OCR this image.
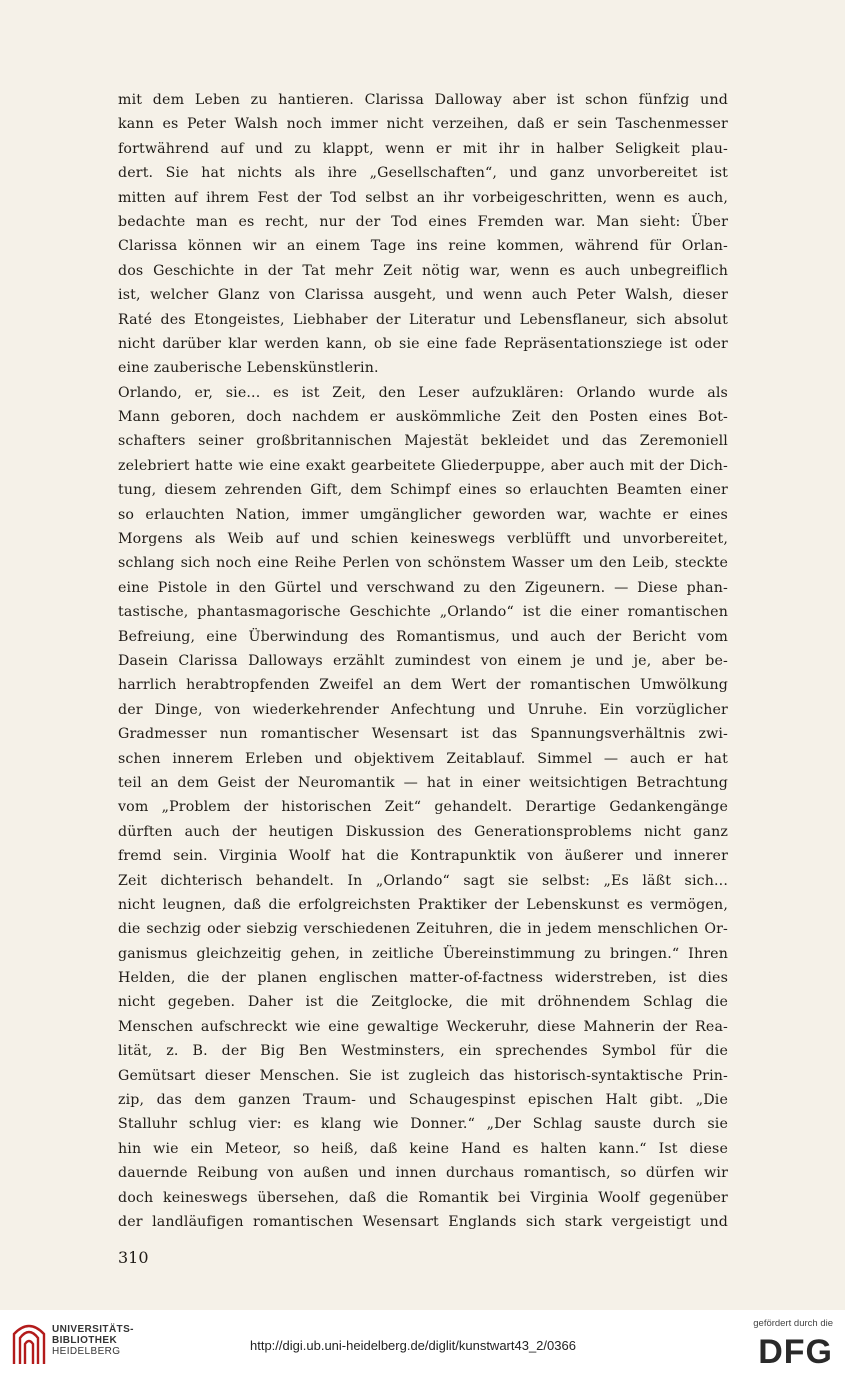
mit dem Leben zu hantieren. Clarissa Dalloway aber ist schon fünfzig und
kann es Peter Walsh noch immer nicht verzeihen, daß er sein Taschenmesser
fortwährend auf und zu klappt, wenn er mit ihr in halber Seligkeit plau-
dert. Sie hat nichts als ihre „Gesellschaften“, und ganz unvorbereitet ist
mitten auf ihrem Fest der Tod selbst an ihr vorbeigeschritten, wenn es auch,
bedachte man es recht, nur der Tod eines Fremden war. Man sieht: Über
Clarissa können wir an einem Tage ins reine kommen, während für Orlan-
dos Geschichte in der Tat mehr Zeit nötig war, wenn es auch unbegreiflich
ist, welcher Glanz von Clarissa ausgeht, und wenn auch Peter Walsh, dieser
Raté des Etongeistes, Liebhaber der Literatur und Lebensflaneur, sich absolut
nicht darüber klar werden kann, ob sie eine fade Repräsentationsziege ist oder
eine zauberische Lebenskünstlerin.
Orlando, er, sie... es ist Zeit, den Leser aufzuklären: Orlando wurde als
Mann geboren, doch nachdem er auskömmliche Zeit den Posten eines Bot-
schafters seiner großbritannischen Majestät bekleidet und das Zeremoniell
zelebriert hatte wie eine exakt gearbeitete Gliederpuppe, aber auch mit der Dich-
tung, diesem zehrenden Gift, dem Schimpf eines so erlauchten Beamten einer
so erlauchten Nation, immer umgänglicher geworden war, wachte er eines
Morgens als Weib auf und schien keineswegs verblüfft und unvorbereitet,
schlang sich noch eine Reihe Perlen von schönstem Wasser um den Leib, steckte
eine Pistole in den Gürtel und verschwand zu den Zigeunern. — Diese phan-
tastische, phantasmagorische Geschichte „Orlando“ ist die einer romantischen
Befreiung, eine Überwindung des Romantismus, und auch der Bericht vom
Dasein Clarissa Dalloways erzählt zumindest von einem je und je, aber be-
harrlich herabtropfenden Zweifel an dem Wert der romantischen Umwölkung
der Dinge, von wiederkehrender Anfechtung und Unruhe. Ein vorzüglicher
Gradmesser nun romantischer Wesensart ist das Spannungsverhältnis zwi-
schen innerem Erleben und objektivem Zeitablauf. Simmel — auch er hat
teil an dem Geist der Neuromantik — hat in einer weitsichtigen Betrachtung
vom „Problem der historischen Zeit“ gehandelt. Derartige Gedankengänge
dürften auch der heutigen Diskussion des Generationsproblems nicht ganz
fremd sein. Virginia Woolf hat die Kontrapunktik von äußerer und innerer
Zeit dichterisch behandelt. In „Orlando“ sagt sie selbst: „Es läßt sich...
nicht leugnen, daß die erfolgreichsten Praktiker der Lebenskunst es vermögen,
die sechzig oder siebzig verschiedenen Zeituhren, die in jedem menschlichen Or-
ganismus gleichzeitig gehen, in zeitliche Übereinstimmung zu bringen.“ Ihren
Helden, die der planen englischen matter-of-factness widerstreben, ist dies
nicht gegeben. Daher ist die Zeitglocke, die mit dröhnendem Schlag die
Menschen aufschreckt wie eine gewaltige Weckeruhr, diese Mahnerin der Rea-
lität, z. B. der Big Ben Westminsters, ein sprechendes Symbol für die
Gemütsart dieser Menschen. Sie ist zugleich das historisch-syntaktische Prin-
zip, das dem ganzen Traum- und Schaugespinst epischen Halt gibt. „Die
Stalluhr schlug vier: es klang wie Donner.“ „Der Schlag sauste durch sie
hin wie ein Meteor, so heiß, daß keine Hand es halten kann.“ Ist diese
dauernde Reibung von außen und innen durchaus romantisch, so dürfen wir
doch keineswegs übersehen, daß die Romantik bei Virginia Woolf gegenüber
der landläufigen romantischen Wesensart Englands sich stark vergeistigt und
310
UNIVERSITÄTS-
BIBLIOTHEK
HEIDELBERG	http://digi.ub.uni-heidelberg.de/diglit/kunstwart43_2/0366
gefördert durch die
DFG
